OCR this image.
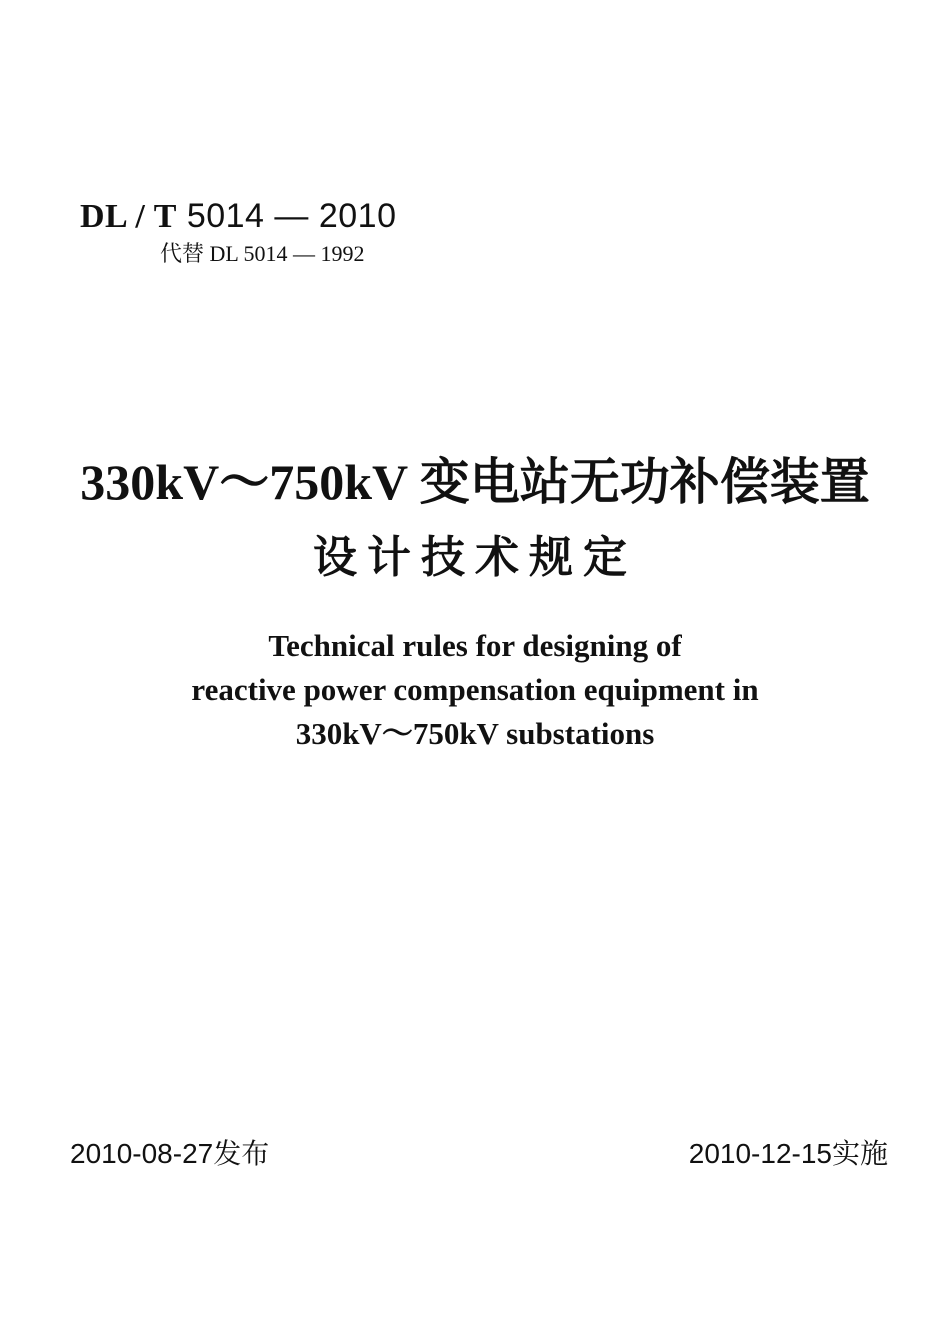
DL / T 5014 — 2010
代替 DL 5014 — 1992
330kV～750kV 变电站无功补偿装置
设计技术规定
Technical rules for designing of
reactive power compensation equipment in
330kV～750kV substations
2010-08-27发布	2010-12-15实施
